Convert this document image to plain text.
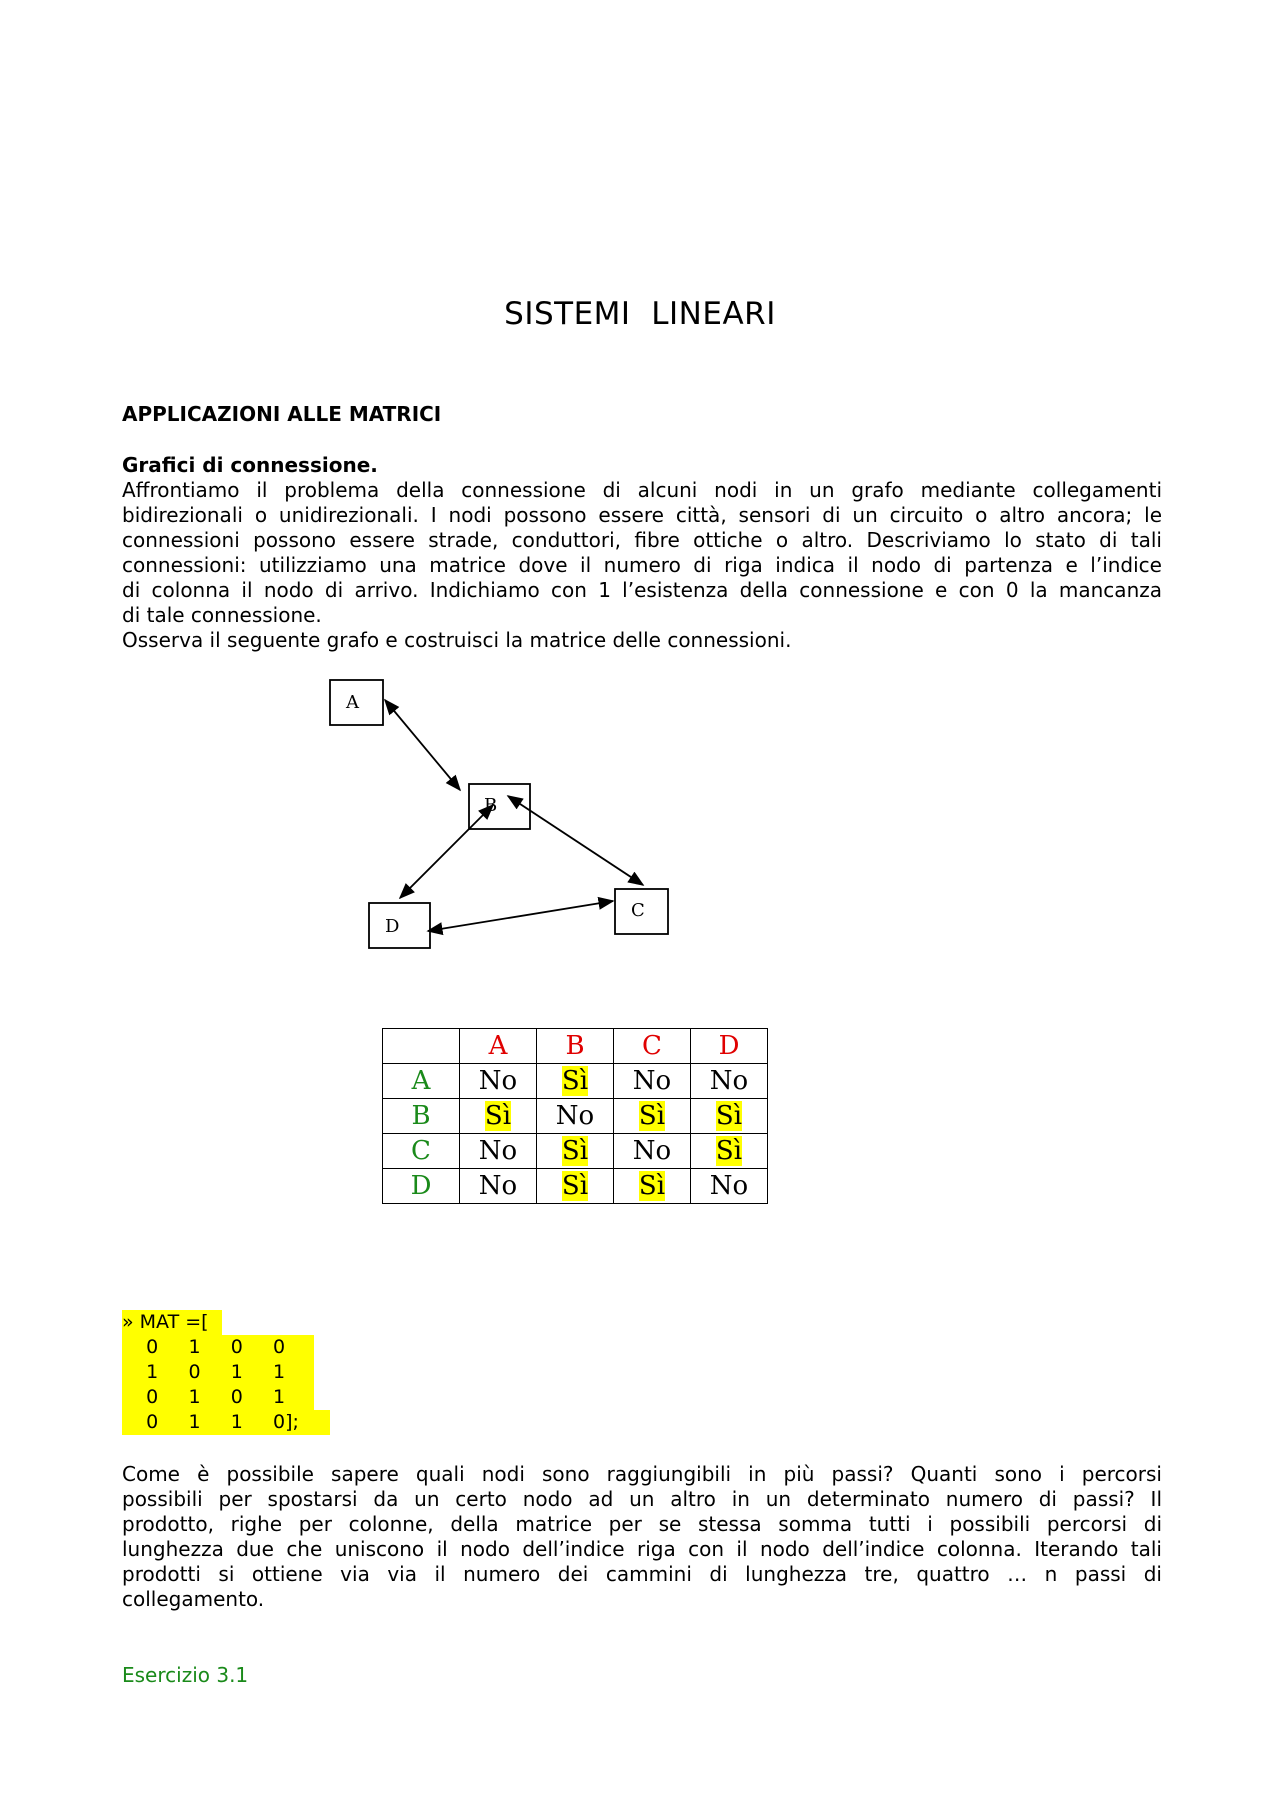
SISTEMI  LINEARI
APPLICAZIONI ALLE MATRICI
Grafici di connessione.
Affrontiamo il problema della connessione di alcuni nodi in un grafo mediante collegamenti
bidirezionali o unidirezionali. I nodi possono essere città, sensori di un circuito o altro ancora; le
connessioni possono essere strade, conduttori, fibre ottiche o altro. Descriviamo lo stato di tali
connessioni: utilizziamo una matrice dove il numero di riga indica il nodo di partenza e l’indice
di colonna il nodo di arrivo. Indichiamo con 1 l’esistenza della connessione e con 0 la mancanza
di tale connessione.
Osserva il seguente grafo e costruisci la matrice delle connessioni.
A
B
C
D
	A	B	C	D
A	No	Sì	No	No
B	Sì	No	Sì	Sì
C	No	Sì	No	Sì
D	No	Sì	Sì	No
» MAT =[
0     1     0     0
1     0     1     1
0     1     0     1
0     1     1     0];
Come è possibile sapere quali nodi sono raggiungibili in più passi? Quanti sono i percorsi
possibili per spostarsi da un certo nodo ad un altro in un determinato numero di passi? Il
prodotto, righe per colonne, della matrice per se stessa somma tutti i possibili percorsi di
lunghezza due che uniscono il nodo dell’indice riga con il nodo dell’indice colonna. Iterando tali
prodotti si ottiene via via il numero dei cammini di lunghezza tre, quattro … n passi di
collegamento.
Esercizio 3.1
